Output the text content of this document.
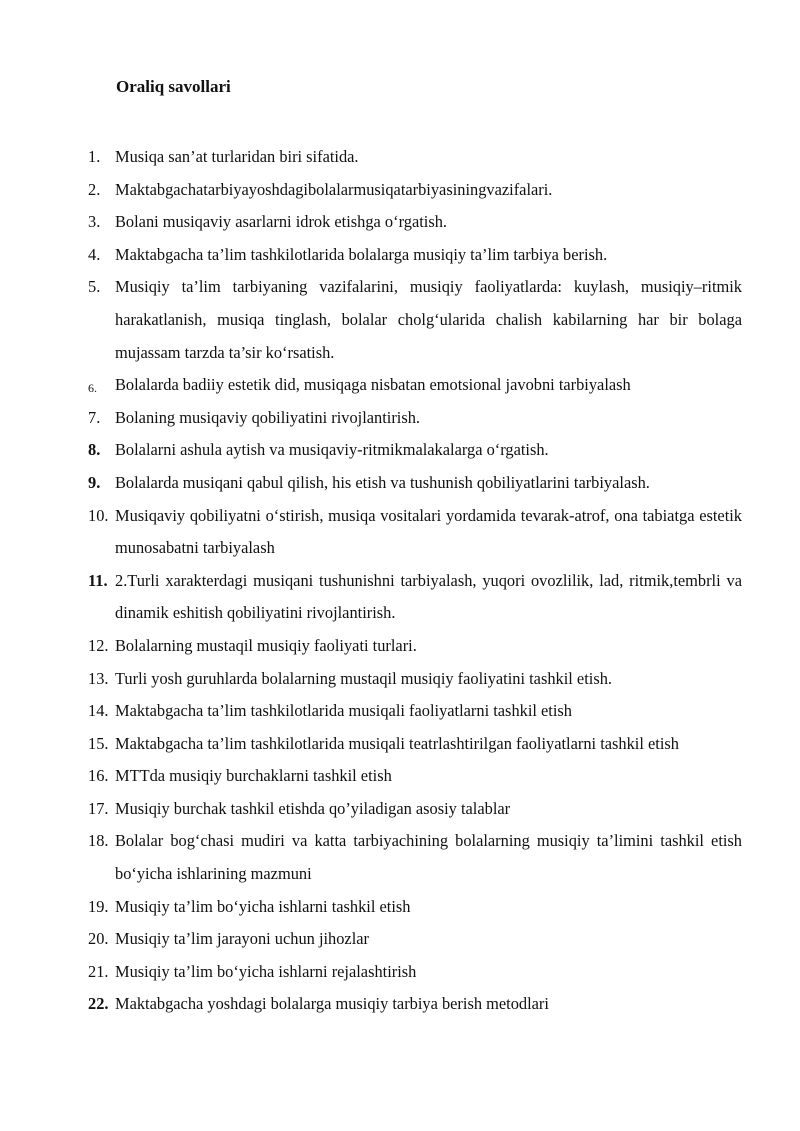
Oraliq savollari
1. Musiqa san’at turlaridan biri sifatida.
2. Maktabgachatarbiyayoshdagibolalarmusiqatarbiyasiningvazifalari.
3. Bolani musiqaviy asarlarni idrok etishga o‘rgatish.
4. Maktabgacha ta’lim tashkilotlarida bolalarga musiqiy ta’lim tarbiya berish.
5. Musiqiy ta’lim tarbiyaning vazifalarini, musiqiy faoliyatlarda: kuylash, musiqiy–ritmik harakatlanish, musiqa tinglash, bolalar cholg‘ularida chalish kabilarning har bir bolaga mujassam tarzda ta’sir ko‘rsatish.
6. Bolalarda badiiy estetik did, musiqaga nisbatan emotsional javobni tarbiyalash
7. Bolaning musiqaviy qobiliyatini rivojlantirish.
8. Bolalarni ashula aytish va musiqaviy-ritmikmalakalarga o‘rgatish.
9. Bolalarda musiqani qabul qilish, his etish va tushunish qobiliyatlarini tarbiyalash.
10. Musiqaviy qobiliyatni o‘stirish, musiqa vositalari yordamida tevarak-atrof, ona tabiatga estetik munosabatni tarbiyalash
11. 2.Turli xarakterdagi musiqani tushunishni tarbiyalash, yuqori ovozlilik, lad, ritmik,tembrli va dinamik eshitish qobiliyatini rivojlantirish.
12. Bolalarning mustaqil musiqiy faoliyati turlari.
13. Turli yosh guruhlarda bolalarning mustaqil musiqiy faoliyatini tashkil etish.
14. Maktabgacha ta’lim tashkilotlarida musiqali faoliyatlarni tashkil etish
15. Maktabgacha ta’lim tashkilotlarida musiqali teatrlashtirilgan faoliyatlarni tashkil etish
16. MTTda musiqiy burchaklarni tashkil etish
17. Musiqiy burchak tashkil etishda qo’yiladigan asosiy talablar
18. Bolalar bog‘chasi mudiri va katta tarbiyachining bolalarning musiqiy ta’limini tashkil etish bo‘yicha ishlarining mazmuni
19. Musiqiy ta’lim bo‘yicha ishlarni tashkil etish
20. Musiqiy ta’lim jarayoni uchun jihozlar
21. Musiqiy ta’lim bo‘yicha ishlarni rejalashtirish
22. Maktabgacha yoshdagi bolalarga musiqiy tarbiya berish metodlari
